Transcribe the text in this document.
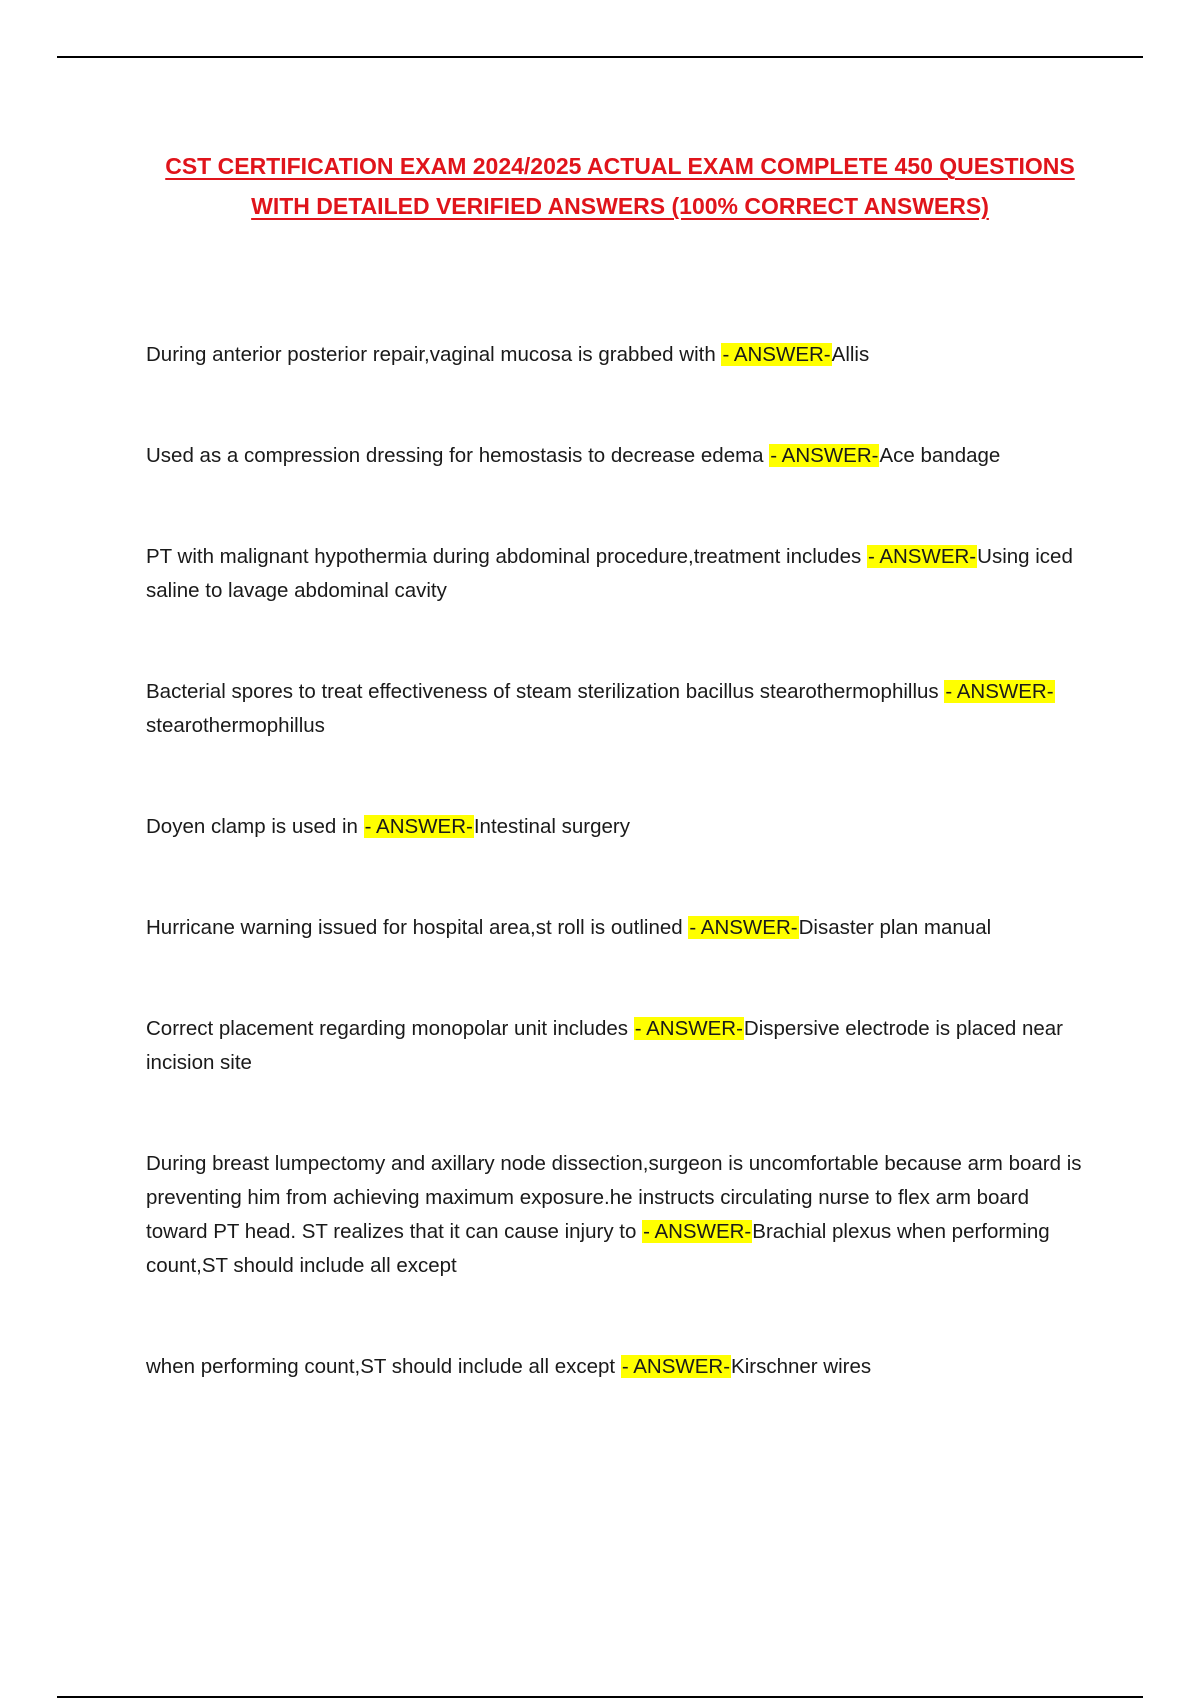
CST CERTIFICATION EXAM 2024/2025 ACTUAL EXAM COMPLETE 450 QUESTIONS
WITH DETAILED VERIFIED ANSWERS (100% CORRECT ANSWERS)
During anterior posterior repair,vaginal mucosa is grabbed with - ANSWER-Allis
Used as a compression dressing for hemostasis to decrease edema - ANSWER-Ace bandage
PT with malignant hypothermia during abdominal procedure,treatment includes - ANSWER-Using iced saline to lavage abdominal cavity
Bacterial spores to treat effectiveness of steam sterilization bacillus stearothermophillus - ANSWER-stearothermophillus
Doyen clamp is used in - ANSWER-Intestinal surgery
Hurricane warning issued for hospital area,st roll is outlined - ANSWER-Disaster plan manual
Correct placement regarding monopolar unit includes - ANSWER-Dispersive electrode is placed near incision site
During breast lumpectomy and axillary node dissection,surgeon is uncomfortable because arm board is preventing him from achieving maximum exposure.he instructs circulating nurse to flex arm board toward PT head. ST realizes that it can cause injury to - ANSWER-Brachial plexus when performing count,ST should include all except
when performing count,ST should include all except - ANSWER-Kirschner wires
